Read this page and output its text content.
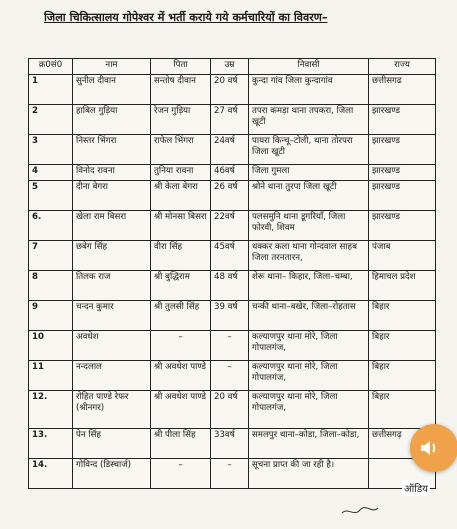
जिला चिकित्सालय गोपेश्वर में भर्ती कराये गये कर्मचारियों का विवरण–
क्र0सं0	नाम	पिता	उम्र	निवासी	राज्य
1	सुनील दीवान	सन्तोष दीवान	20 वर्ष	कुन्दा गांव जिला कुन्दागांव	छत्तीसगढ
2	हाबिल गुड़िया	रेजन गुड़िया	27 वर्ष	तपरा कमड़ा थाना तपकरा, जिला खूटी	झारखण्ड
3	निस्तर भिंगरा	राफेल भिंगरा	24वर्ष	पायरा किन्चू–टोली, थाना तोरपरा जिला खूटी	झारखण्ड
4	विनोद रावना	तुनिया रावना	46वर्ष	जिला गुमला	झारखण्ड
5	दीना बेगरा	श्री केला बेगरा	26 वर्ष	श्रोने थाना तुरपा जिला खूटी	झारखण्ड
6.	खेला राम बिसरा	श्री मोनसा बिसरा	22वर्ष	पलसमुनि थाना डूगरियाँ, जिला फोरवी, शिवम	झारखण्ड
7	छबेग सिंह	वीरा सिंह	45वर्ष	धक्कर कला थाना गोन्दवाल साहब जिला तरनतारन,	पंजाब
8	तिलक राज	श्री बुद्धिराम	48 वर्ष	शेरू थाना– किहार, जिला–चम्बा,	हिमाचल प्रदेश
9	चन्दन कुमार	श्री तुलसी सिंह	39 वर्ष	चन्की थाना–बखेर, जिला–रोहतास	बिहार
10	अवधेश	–	–	कल्याणपुर थाना मोरे, जिला गोपालगंज,	बिहार
11	नन्दलाल	श्री अवधेश पाण्डे	–	कल्याणपुर थाना मोरे, जिला गोपालगंज,	बिहार
12.	रोहित पाण्डे रेफर (श्रीनगर)	श्री अवधेश पाण्डे	20 वर्ष	कल्याणपुर थाना मोरे, जिला गोपालगंज,	बिहार
13.	पेन सिंह	श्री पीला सिंह	33वर्ष	समलपुर थाना–कोडा, जिला–कोडा,	छत्तीसगढ़
14.	गोविन्द (डिस्चार्ज)	–	–	सूचना प्राप्त की जा रही है।	
ऑडिय
